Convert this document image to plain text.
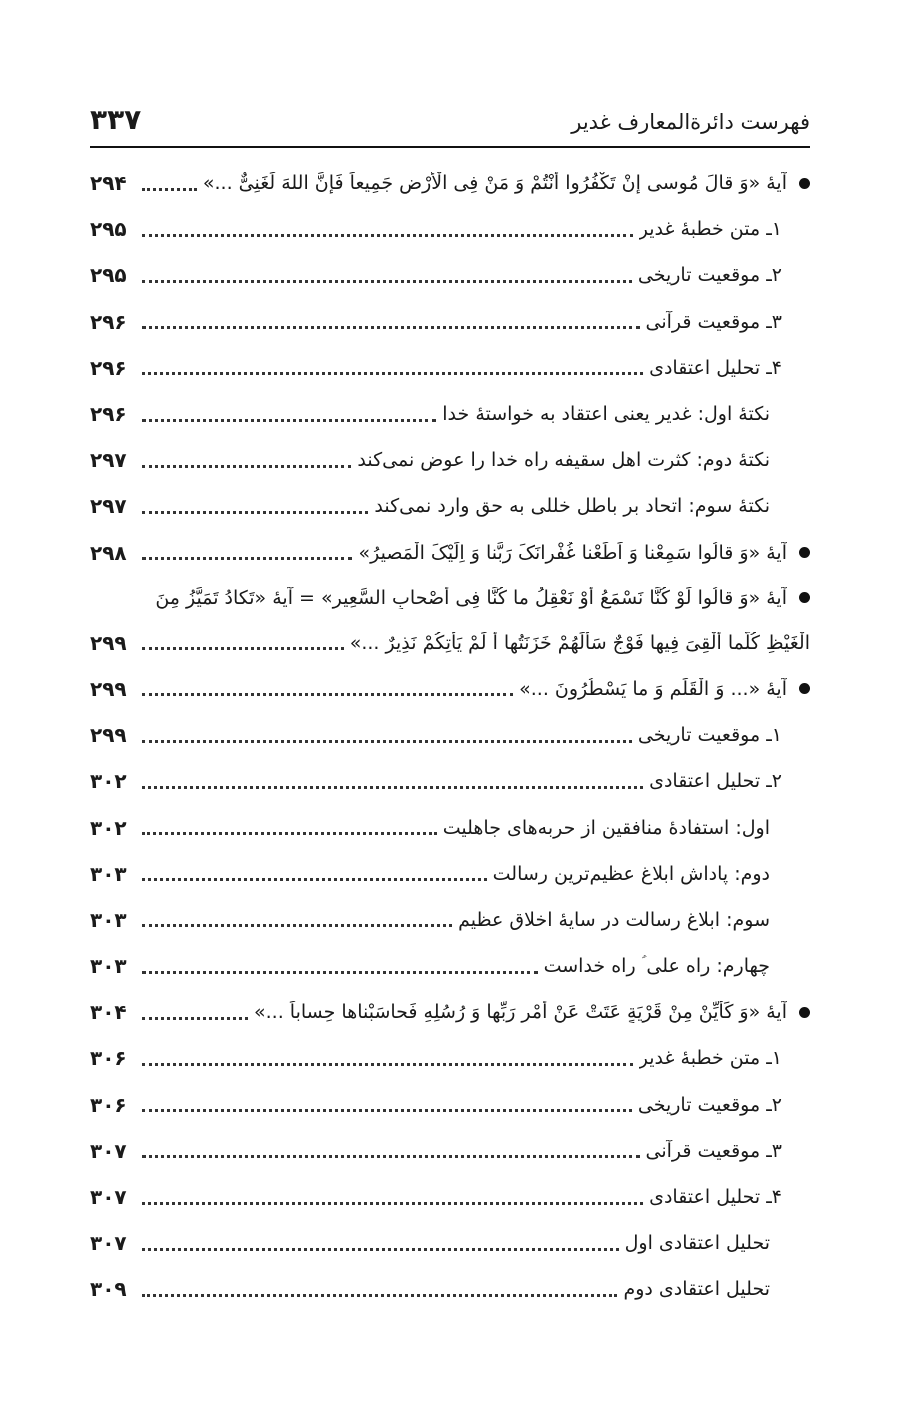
فهرست دائرةالمعارف غدیر
۳۳۷
آیهٔ «وَ قالَ مُوسی إِنْ تَکْفُرُوا أَنْتُمْ وَ مَنْ فِی الْأَرْضِ جَمِیعاً فَإِنَّ اللهَ لَغَنِیٌّ ...»
۲۹۴
۱ـ متن خطبهٔ غدیر
۲۹۵
۲ـ موقعیت تاریخی
۲۹۵
۳ـ موقعیت قرآنی
۲۹۶
۴ـ تحلیل اعتقادی
۲۹۶
نکتهٔ اول: غدیر یعنی اعتقاد به خواستهٔ خدا
۲۹۶
نکتهٔ دوم: کثرت اهل سقیفه راه خدا را عوض نمی‌کند
۲۹۷
نکتهٔ سوم: اتحاد بر باطل خللی به حق وارد نمی‌کند
۲۹۷
آیهٔ «وَ قالُوا سَمِعْنا وَ اَطَعْنا غُفْرانَکَ رَبَّنا وَ اِلَیْکَ الْمَصیرُ»
۲۹۸
آیهٔ «وَ قالُوا لَوْ کُنَّا نَسْمَعُ أَوْ نَعْقِلُ ما کُنَّا فِی أَصْحابِ السَّعِیرِ» = آیهٔ «تَکادُ تَمَیَّزُ مِنَ
الْغَیْظِ کُلَّما أُلْقِیَ فِیها فَوْجٌ سَأَلَهُمْ خَزَنَتُها أَ لَمْ یَأْتِکُمْ نَذِیرٌ ...»
۲۹۹
آیهٔ «... وَ الْقَلَمِ وَ ما یَسْطُرُونَ ...»
۲۹۹
۱ـ موقعیت تاریخی
۲۹۹
۲ـ تحلیل اعتقادی
۳۰۲
اول: استفادهٔ منافقین از حربه‌های جاهلیت
۳۰۲
دوم: پاداش ابلاغ عظیم‌ترین رسالت
۳۰۳
سوم: ابلاغ رسالت در سایهٔ اخلاق عظیم
۳۰۳
چهارم: راه علی ؑ راه خداست
۳۰۳
آیهٔ «وَ کَأَیِّنْ مِنْ قَرْیَةٍ عَتَتْ عَنْ أَمْرِ رَبِّها وَ رُسُلِهِ فَحاسَبْناها حِساباً ...»
۳۰۴
۱ـ متن خطبهٔ غدیر
۳۰۶
۲ـ موقعیت تاریخی
۳۰۶
۳ـ موقعیت قرآنی
۳۰۷
۴ـ تحلیل اعتقادی
۳۰۷
تحلیل اعتقادی اول
۳۰۷
تحلیل اعتقادی دوم
۳۰۹
